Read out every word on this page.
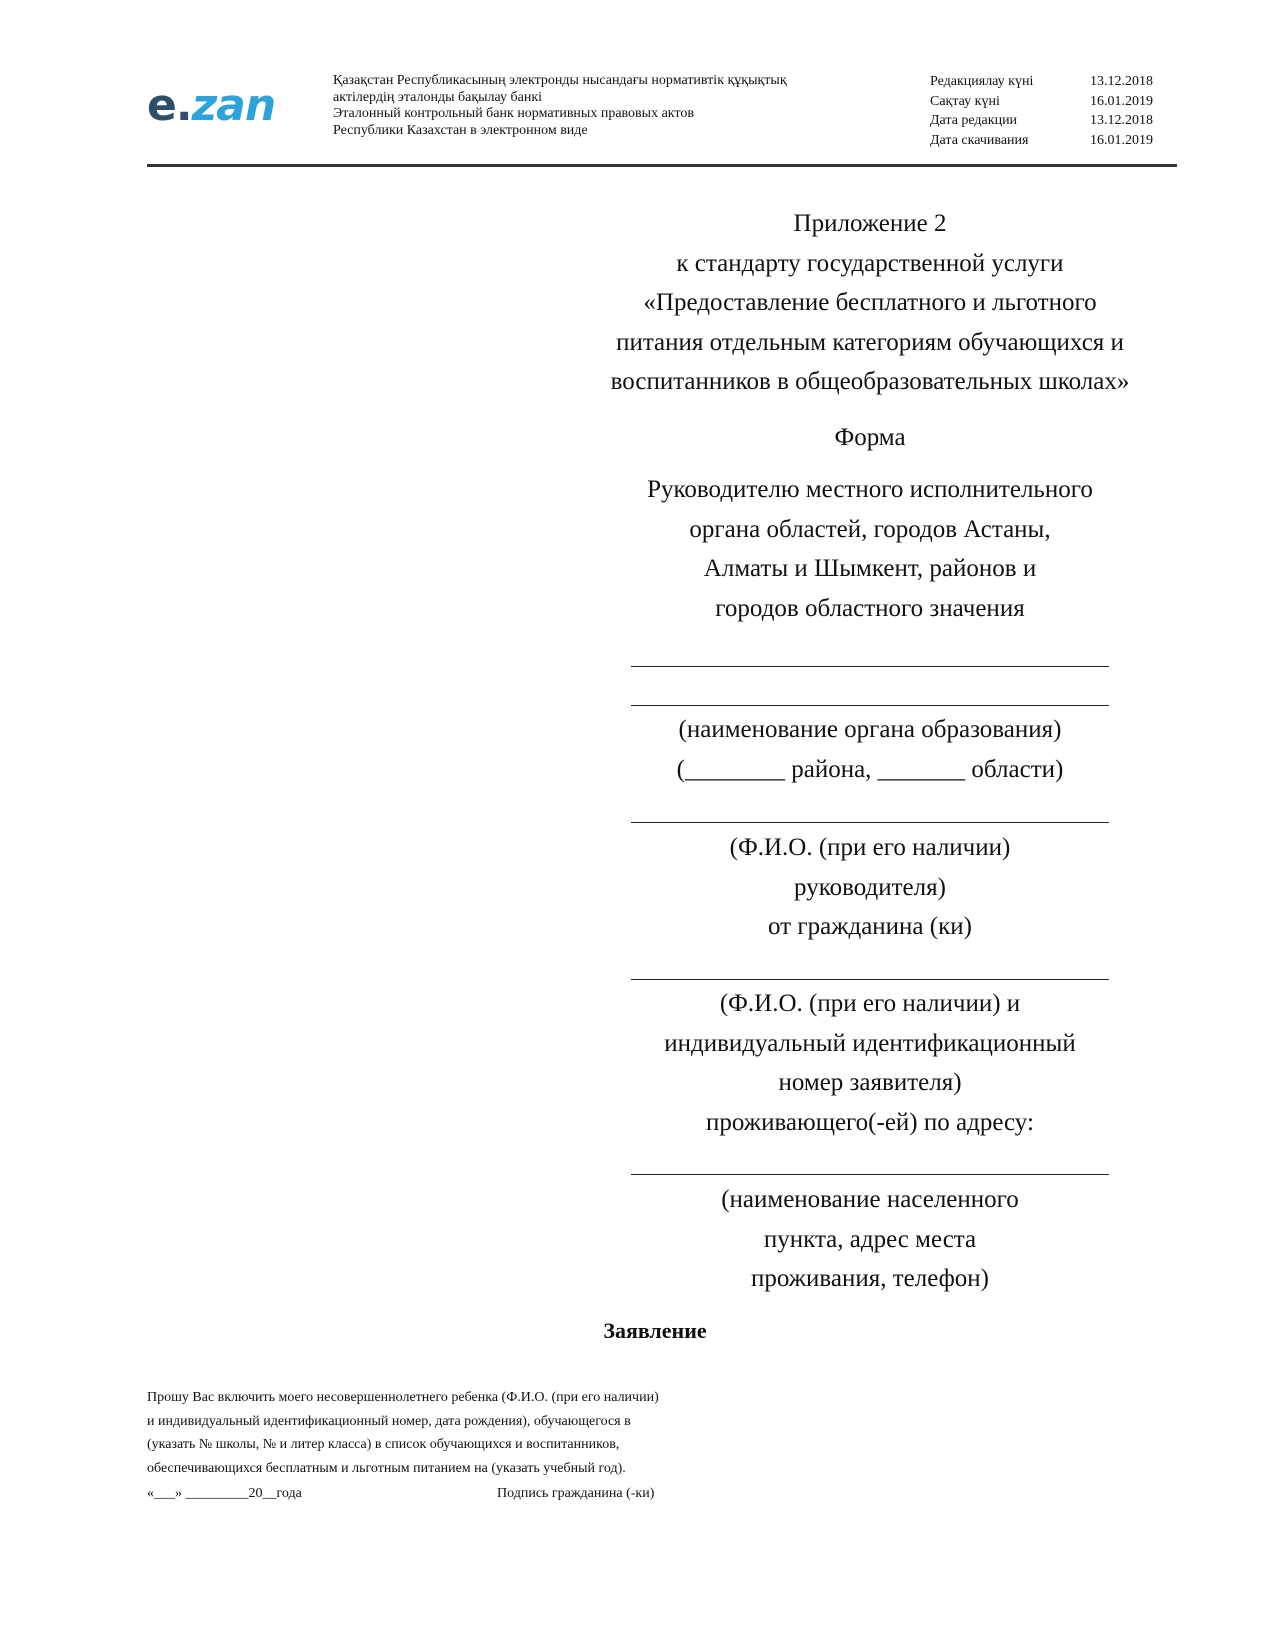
e.zan	Қазақстан Республикасының электронды нысандағы нормативтік құқықтық
актілердің эталонды бақылау банкі
Эталонный контрольный банк нормативных правовых актов
Республики Казахстан в электронном виде
Редакциялау күні	13.12.2018
Сақтау күні	16.01.2019
Дата редакции	13.12.2018
Дата скачивания	16.01.2019
Приложение 2
к стандарту государственной услуги
«Предоставление бесплатного и льготного
питания отдельным категориям обучающихся и
воспитанников в общеобразовательных школах»
Форма
Руководителю местного исполнительного
органа областей, городов Астаны,
Алматы и Шымкент, районов и
городов областного значения
(наименование органа образования)
(________ района, _______ области)
(Ф.И.О. (при его наличии)
руководителя)
от гражданина (ки)
(Ф.И.О. (при его наличии) и
индивидуальный идентификационный
номер заявителя)
проживающего(-ей) по адресу:
(наименование населенного
пункта, адрес места
проживания, телефон)
Заявление
Прошу Вас включить моего несовершеннолетнего ребенка (Ф.И.О. (при его наличии)
и индивидуальный идентификационный номер, дата рождения), обучающегося в
(указать № школы, № и литер класса) в список обучающихся и воспитанников,
обеспечивающихся бесплатным и льготным питанием на (указать учебный год).
«___» _________20__года	Подпись гражданина (-ки)
